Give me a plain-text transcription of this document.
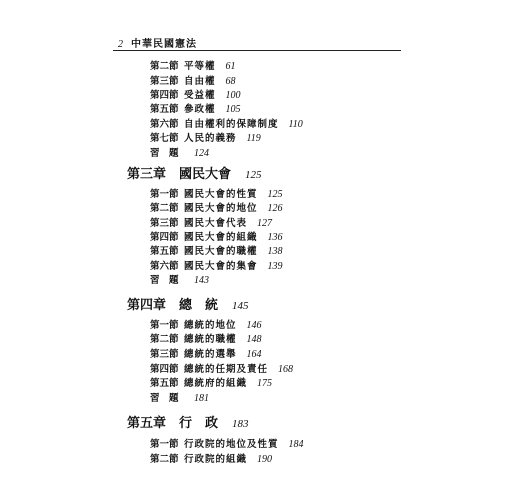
2 中華民國憲法
第二節 平等權 61
第三節 自由權 68
第四節 受益權 100
第五節 參政權 105
第六節 自由權利的保障制度 110
第七節 人民的義務 119
習　題	124
第三章　國民大會 125
第一節 國民大會的性質 125
第二節 國民大會的地位 126
第三節 國民大會代表 127
第四節 國民大會的組織 136
第五節 國民大會的職權 138
第六節 國民大會的集會 139
習　題	143
第四章　總　統 145
第一節 總統的地位 146
第二節 總統的職權 148
第三節 總統的選舉 164
第四節 總統的任期及責任 168
第五節 總統府的組織 175
習　題	181
第五章　行　政 183
第一節 行政院的地位及性質 184
第二節 行政院的組織 190
